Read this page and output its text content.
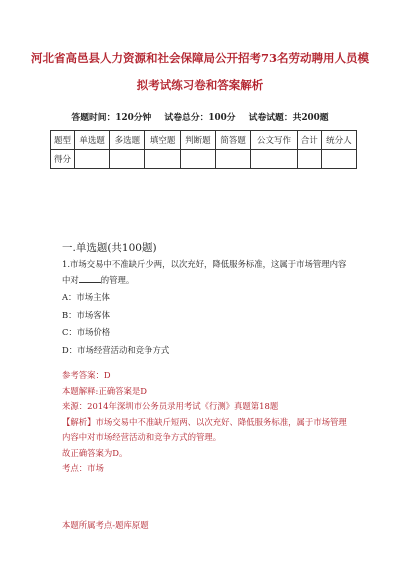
河北省高邑县人力资源和社会保障局公开招考73名劳动聘用人员模
拟考试练习卷和答案解析
答题时间：120分钟 试卷总分：100分 试卷试题：共200题
题型	单选题	多选题	填空题	判断题	简答题	公文写作	合计	统分人
得分								
一.单选题(共100题)
1.市场交易中不准缺斤少两，以次充好，降低服务标准，这属于市场管理内容
中对	的管理。
A：市场主体
B：市场客体
C：市场价格
D：市场经营活动和竞争方式
参考答案：D
本题解释:正确答案是D
来源：2014年深圳市公务员录用考试《行测》真题第18题
【解析】市场交易中不准缺斤短两、以次充好、降低服务标准，属于市场管理
内容中对市场经营活动和竞争方式的管理。
故正确答案为D。
考点：市场
本题所属考点-题库原题
